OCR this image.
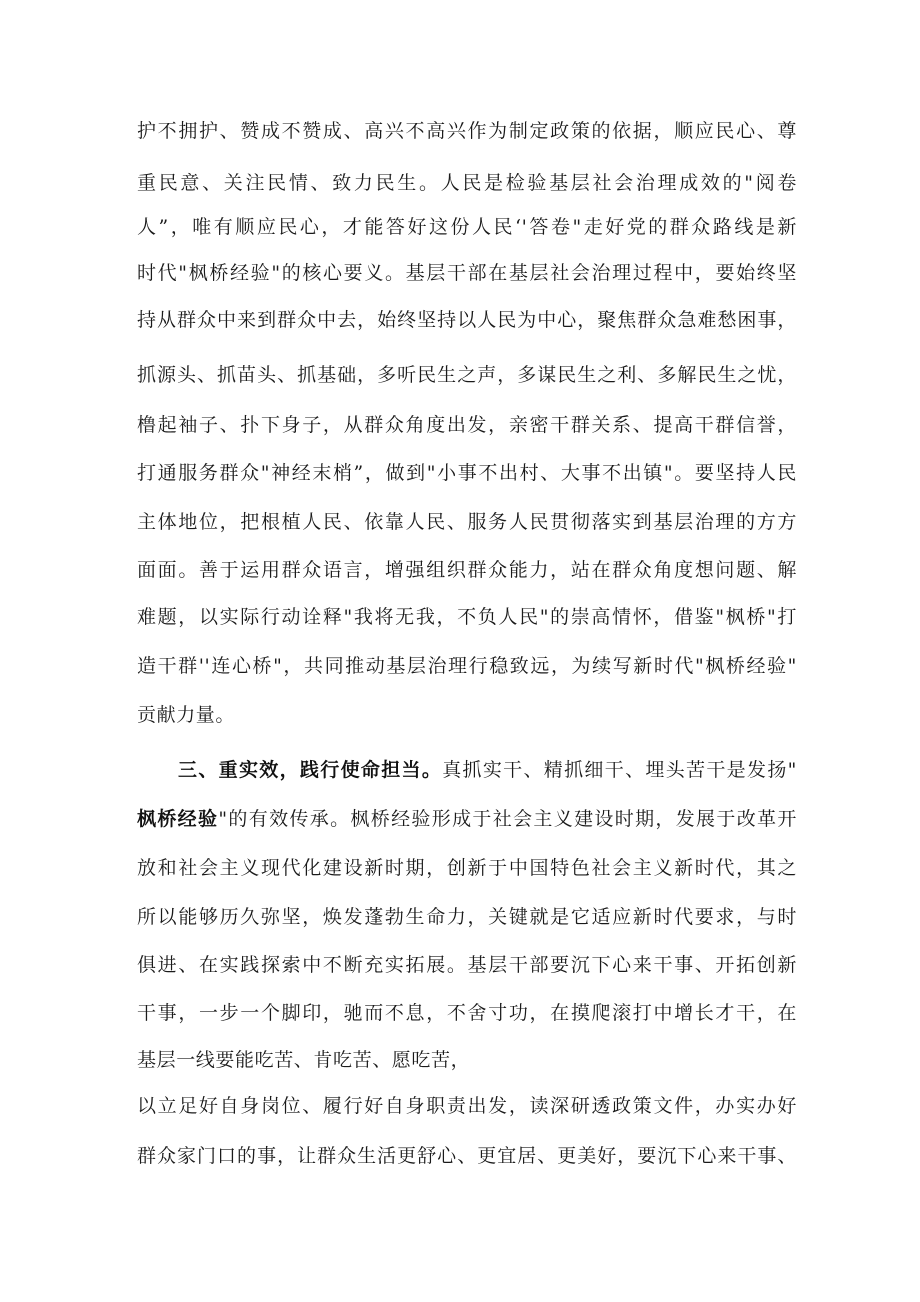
护不拥护、赞成不赞成、高兴不高兴作为制定政策的依据，顺应民心、尊
重民意、关注民情、致力民生。人民是检验基层社会治理成效的"阅卷
人”，唯有顺应民心，才能答好这份人民‘'答卷"走好党的群众路线是新
时代"枫桥经验"的核心要义。基层干部在基层社会治理过程中，要始终坚
持从群众中来到群众中去，始终坚持以人民为中心，聚焦群众急难愁困事，
抓源头、抓苗头、抓基础，多听民生之声，多谋民生之利、多解民生之忧，
橹起袖子、扑下身子，从群众角度出发，亲密干群关系、提高干群信誉，
打通服务群众"神经末梢”，做到"小事不出村、大事不出镇"。要坚持人民
主体地位，把根植人民、依靠人民、服务人民贯彻落实到基层治理的方方
面面。善于运用群众语言，增强组织群众能力，站在群众角度想问题、解
难题，以实际行动诠释"我将无我，不负人民"的崇高情怀，借鉴"枫桥"打
造干群''连心桥"，共同推动基层治理行稳致远，为续写新时代"枫桥经验"
贡献力量。
三、重实效，践行使命担当。真抓实干、精抓细干、埋头苦干是发扬"
枫桥经验"的有效传承。枫桥经验形成于社会主义建设时期，发展于改革开
放和社会主义现代化建设新时期，创新于中国特色社会主义新时代，其之
所以能够历久弥坚，焕发蓬勃生命力，关键就是它适应新时代要求，与时
俱进、在实践探索中不断充实拓展。基层干部要沉下心来干事、开拓创新
干事，一步一个脚印，驰而不息，不舍寸功，在摸爬滚打中增长才干，在
基层一线要能吃苦、肯吃苦、愿吃苦，
以立足好自身岗位、履行好自身职责出发，读深研透政策文件，办实办好
群众家门口的事，让群众生活更舒心、更宜居、更美好，要沉下心来干事、
